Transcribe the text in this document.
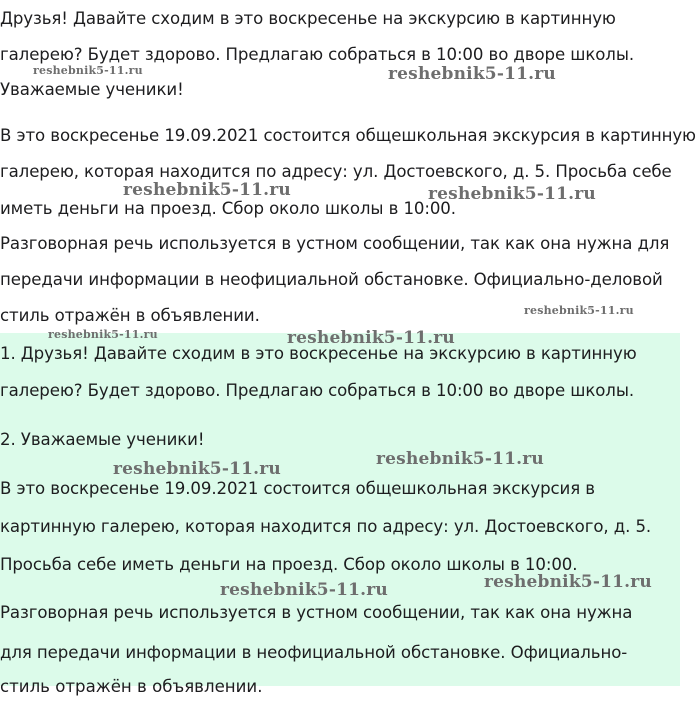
Друзья! Давайте сходим в это воскресенье на экскурсию в картинную
галерею? Будет здорово. Предлагаю собраться в 10:00 во дворе школы.
Уважаемые ученики!
В это воскресенье 19.09.2021 состоится общешкольная экскурсия в картинную
галерею, которая находится по адресу: ул. Достоевского, д. 5. Просьба себе
иметь деньги на проезд. Сбор около школы в 10:00.
Разговорная речь используется в устном сообщении, так как она нужна для
передачи информации в неофициальной обстановке. Официально-деловой
стиль отражён в объявлении.
1. Друзья! Давайте сходим в это воскресенье на экскурсию в картинную
галерею? Будет здорово. Предлагаю собраться в 10:00 во дворе школы.
2. Уважаемые ученики!
В это воскресенье 19.09.2021 состоится общешкольная экскурсия в
картинную галерею, которая находится по адресу: ул. Достоевского, д. 5.
Просьба себе иметь деньги на проезд. Сбор около школы в 10:00.
Разговорная речь используется в устном сообщении, так как она нужна
для передачи информации в неофициальной обстановке. Официально-
стиль отражён в объявлении.
reshebnik5-11.ru	reshebnik5-11.ru
reshebnik5-11.ru	reshebnik5-11.ru
reshebnik5-11.ru
reshebnik5-11.ru	reshebnik5-11.ru
reshebnik5-11.ru
reshebnik5-11.ru
reshebnik5-11.ru
reshebnik5-11.ru
